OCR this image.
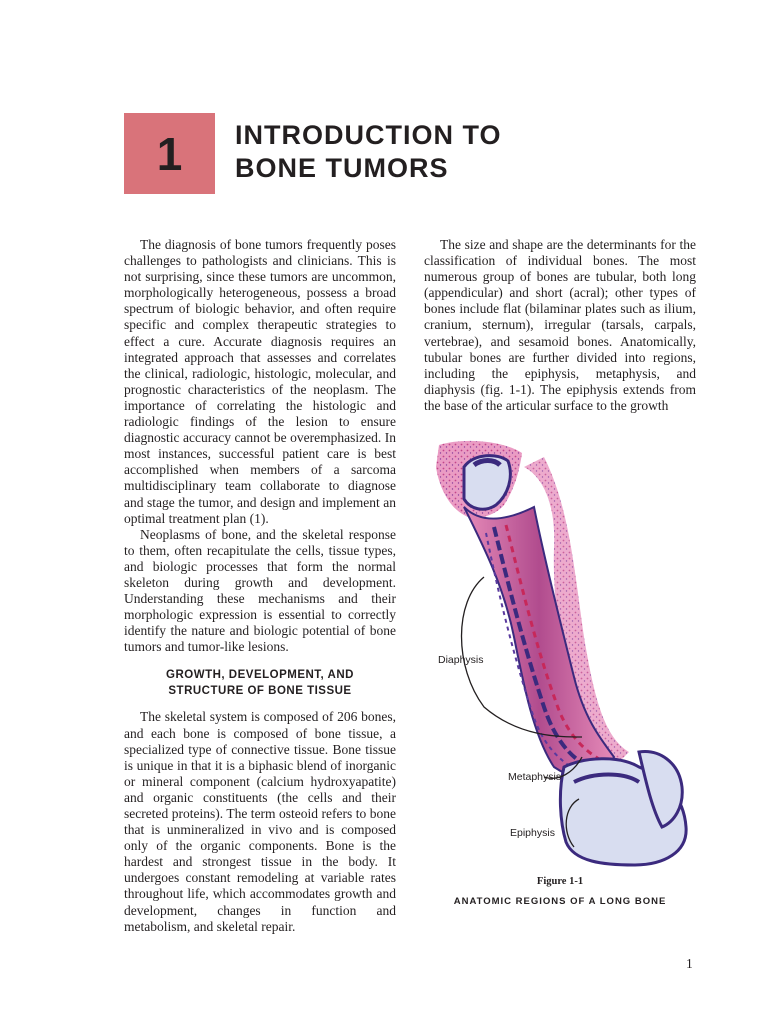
1 INTRODUCTION TO
BONE TUMORS

The diagnosis of bone tumors frequently poses challenges to pathologists and clinicians. This is not surprising, since these tumors are uncommon, morphologically heterogeneous, possess a broad spectrum of biologic behavior, and often require specific and complex therapeutic strategies to effect a cure. Accurate diagnosis requires an integrated approach that assesses and correlates the clinical, radiologic, histologic, molecular, and prognostic characteristics of the neoplasm. The importance of correlating the histologic and radiologic findings of the lesion to ensure diagnostic accuracy cannot be overemphasized. In most instances, successful patient care is best accomplished when members of a sarcoma multidisciplinary team collaborate to diagnose and stage the tumor, and design and implement an optimal treatment plan (1).

Neoplasms of bone, and the skeletal response to them, often recapitulate the cells, tissue types, and biologic processes that form the normal skeleton during growth and development. Understanding these mechanisms and their morphologic expression is essential to correctly identify the nature and biologic potential of bone tumors and tumor-like lesions.

GROWTH, DEVELOPMENT, AND
STRUCTURE OF BONE TISSUE

The skeletal system is composed of 206 bones, and each bone is composed of bone tissue, a specialized type of connective tissue. Bone tissue is unique in that it is a biphasic blend of inorganic or mineral component (calcium hydroxyapatite) and organic constituents (the cells and their secreted proteins). The term osteoid refers to bone that is unmineralized in vivo and is composed only of the organic components. Bone is the hardest and strongest tissue in the body. It undergoes constant remodeling at variable rates throughout life, which accommodates growth and development, changes in function and metabolism, and skeletal repair.

The size and shape are the determinants for the classification of individual bones. The most numerous group of bones are tubular, both long (appendicular) and short (acral); other types of bones include flat (bilaminar plates such as ilium, cranium, sternum), irregular (tarsals, carpals, vertebrae), and sesamoid bones. Anatomically, tubular bones are further divided into regions, including the epiphysis, metaphysis, and diaphysis (fig. 1-1). The epiphysis extends from the base of the articular surface to the growth

Diaphysis
Metaphysis
Epiphysis
Figure 1-1
ANATOMIC REGIONS OF A LONG BONE
1
